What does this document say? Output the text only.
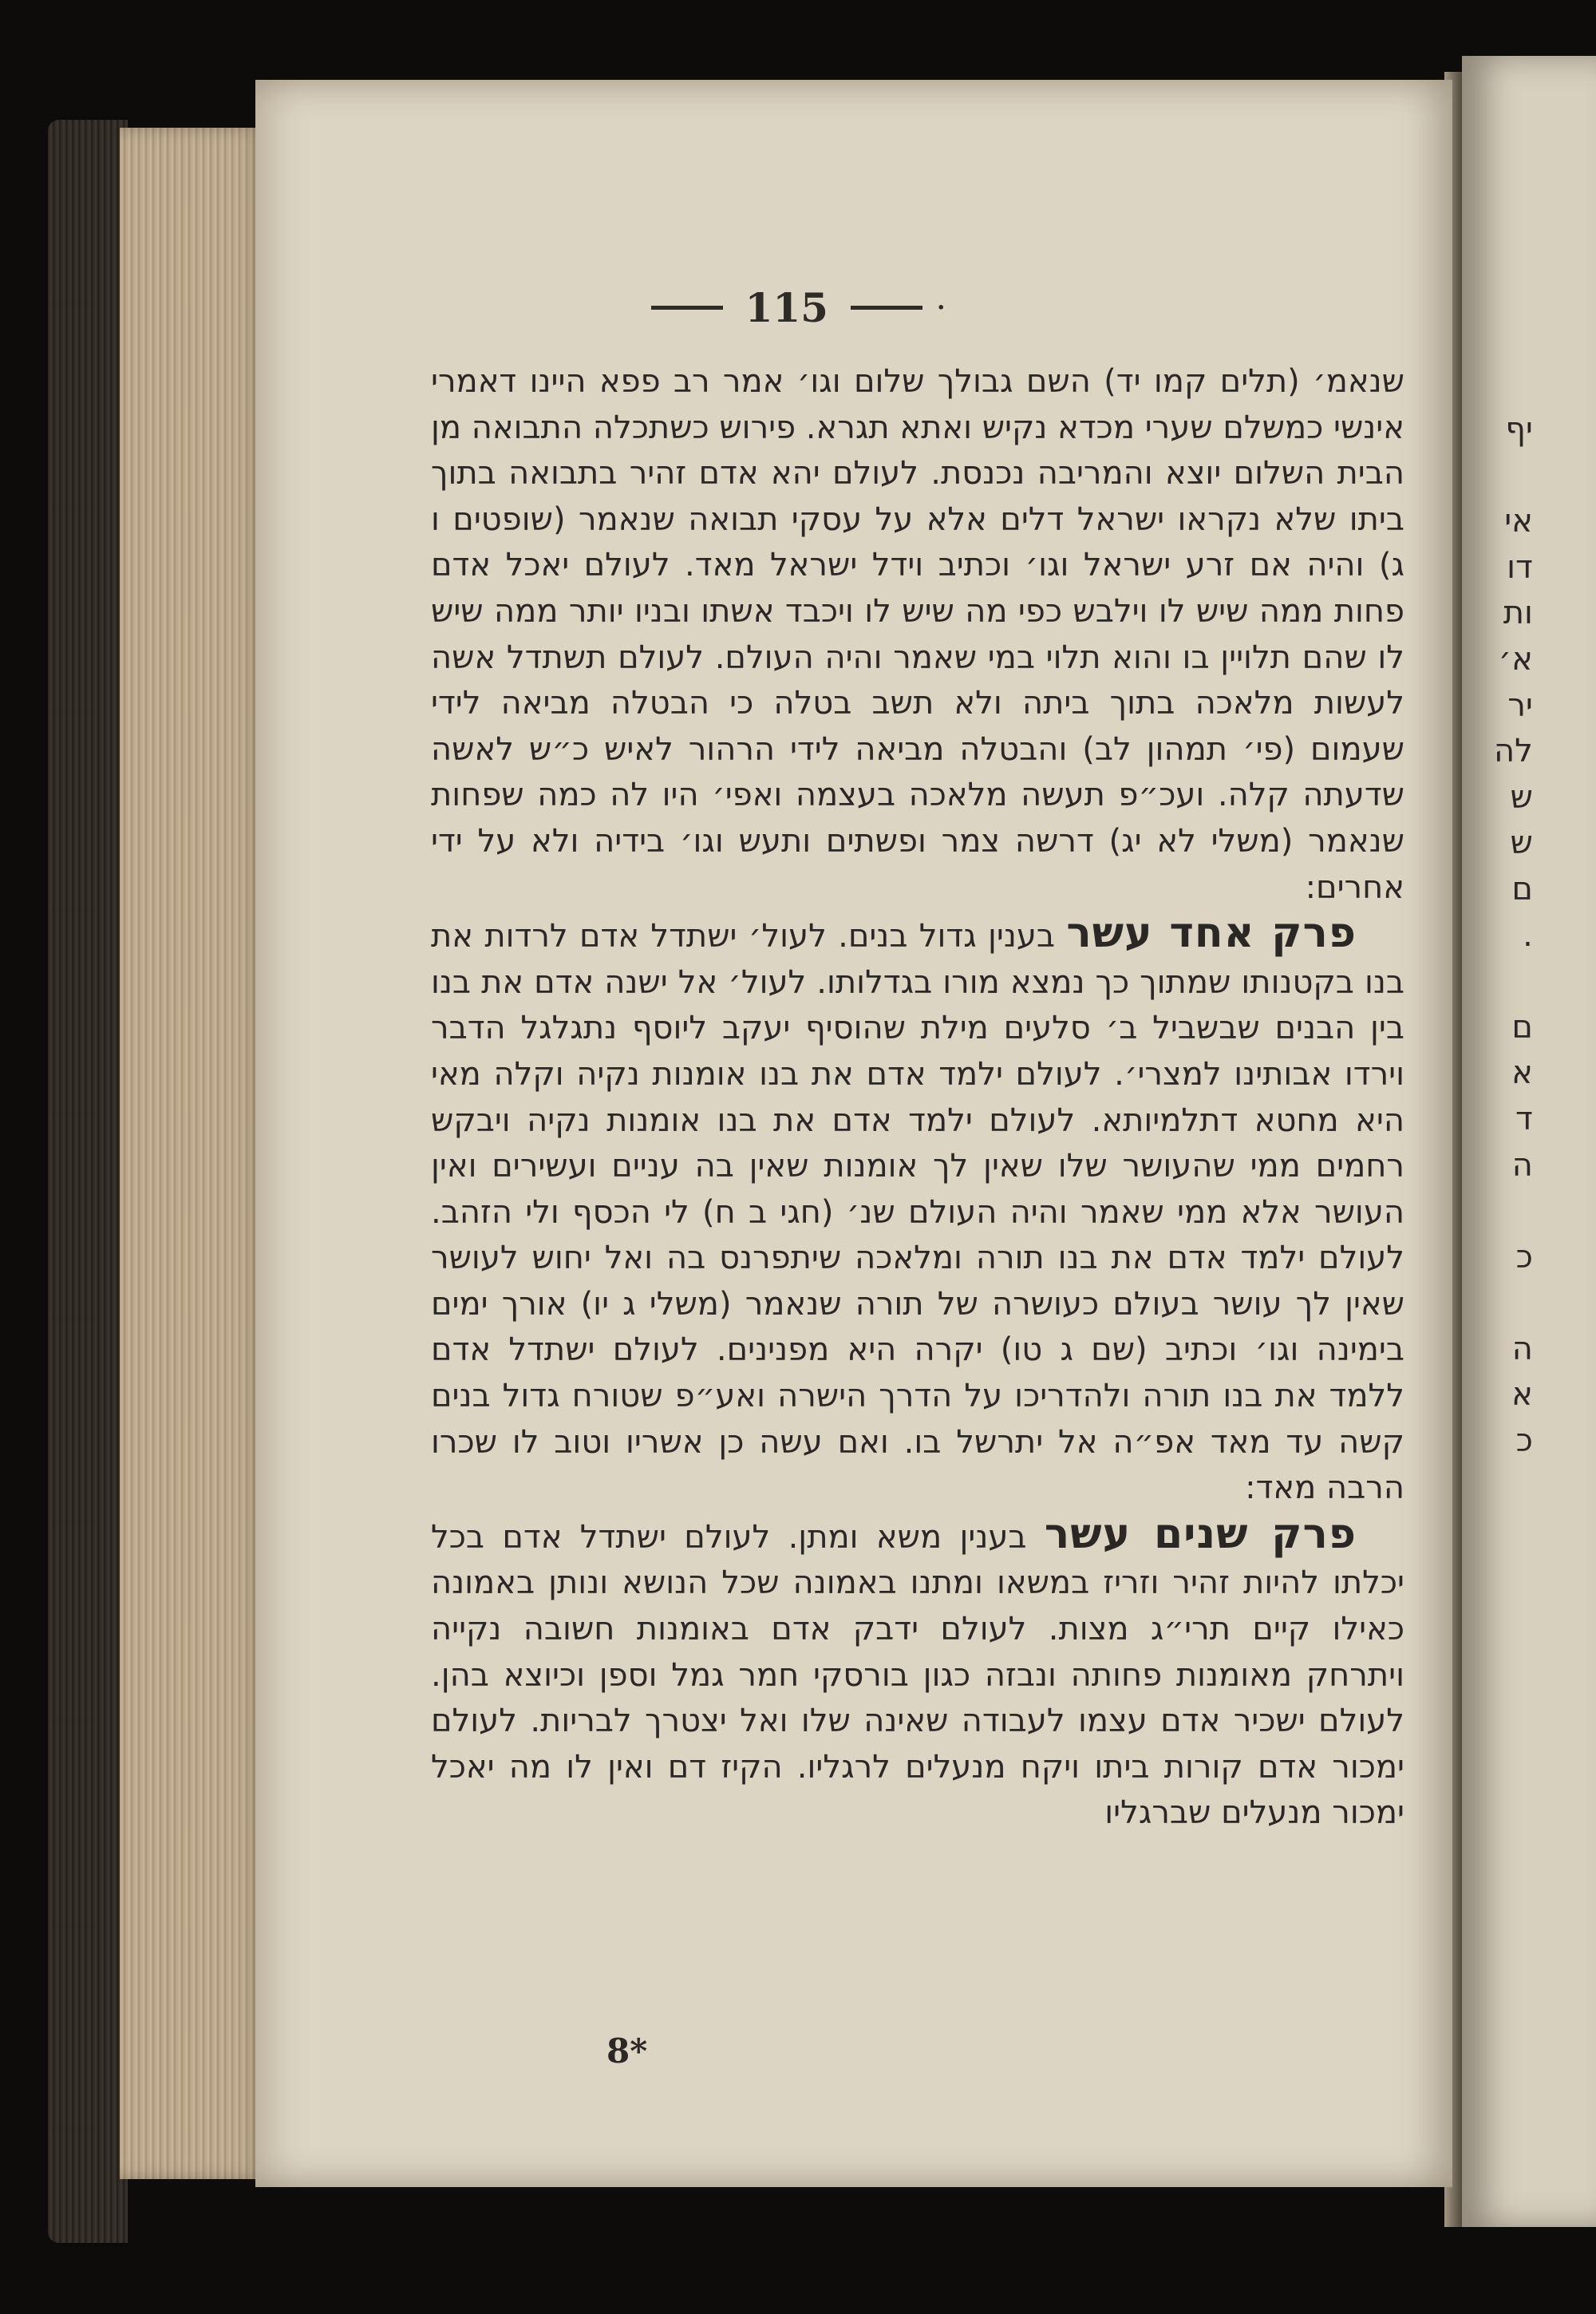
יף
אי
דו
ות
א׳
יר
לה
ש
ש
ם
.
ם
א
ד
ה
כ
ה
א
כ
115	·

שנאמ׳ (תלים קמו יד) השם גבולך שלום וגו׳ אמר רב פפא היינו דאמרי אינשי כמשלם שערי מכדא נקיש ואתא תגרא. פירוש כשתכלה התבואה מן הבית השלום יוצא והמריבה נכנסת. לעולם יהא אדם זהיר בתבואה בתוך ביתו שלא נקראו ישראל דלים אלא על עסקי תבואה שנאמר (שופטים ו ג) והיה אם זרע ישראל וגו׳ וכתיב וידל ישראל מאד. לעולם יאכל אדם פחות ממה שיש לו וילבש כפי מה שיש לו ויכבד אשתו ובניו יותר ממה שיש לו שהם תלויין בו והוא תלוי במי שאמר והיה העולם. לעולם תשתדל אשה לעשות מלאכה בתוך ביתה ולא תשב בטלה כי הבטלה מביאה לידי שעמום (פי׳ תמהון לב) והבטלה מביאה לידי הרהור לאיש כ״ש לאשה שדעתה קלה. ועכ״פ תעשה מלאכה בעצמה ואפי׳ היו לה כמה שפחות שנאמר (משלי לא יג) דרשה צמר ופשתים ותעש וגו׳ בידיה ולא על ידי אחרים:

פרק אחד עשר בענין גדול בנים. לעול׳ ישתדל אדם לרדות את בנו בקטנותו שמתוך כך נמצא מורו בגדלותו. לעול׳ אל ישנה אדם את בנו בין הבנים שבשביל ב׳ סלעים מילת שהוסיף יעקב ליוסף נתגלגל הדבר וירדו אבותינו למצרי׳. לעולם ילמד אדם את בנו אומנות נקיה וקלה מאי היא מחטא דתלמיותא. לעולם ילמד אדם את בנו אומנות נקיה ויבקש רחמים ממי שהעושר שלו שאין לך אומנות שאין בה עניים ועשירים ואין העושר אלא ממי שאמר והיה העולם שנ׳ (חגי ב ח) לי הכסף ולי הזהב. לעולם ילמד אדם את בנו תורה ומלאכה שיתפרנס בה ואל יחוש לעושר שאין לך עושר בעולם כעושרה של תורה שנאמר (משלי ג יו) אורך ימים בימינה וגו׳ וכתיב (שם ג טו) יקרה היא מפנינים. לעולם ישתדל אדם ללמד את בנו תורה ולהדריכו על הדרך הישרה ואע״פ שטורח גדול בנים קשה עד מאד אפ״ה אל יתרשל בו. ואם עשה כן אשריו וטוב לו שכרו הרבה מאד:

פרק שנים עשר בענין משא ומתן. לעולם ישתדל אדם בכל יכלתו להיות זהיר וזריז במשאו ומתנו באמונה שכל הנושא ונותן באמונה כאילו קיים תרי״ג מצות. לעולם ידבק אדם באומנות חשובה נקייה ויתרחק מאומנות פחותה ונבזה כגון בורסקי חמר גמל וספן וכיוצא בהן. לעולם ישכיר אדם עצמו לעבודה שאינה שלו ואל יצטרך לבריות. לעולם ימכור אדם קורות ביתו ויקח מנעלים לרגליו. הקיז דם ואין לו מה יאכל ימכור מנעלים שברגליו

8*
